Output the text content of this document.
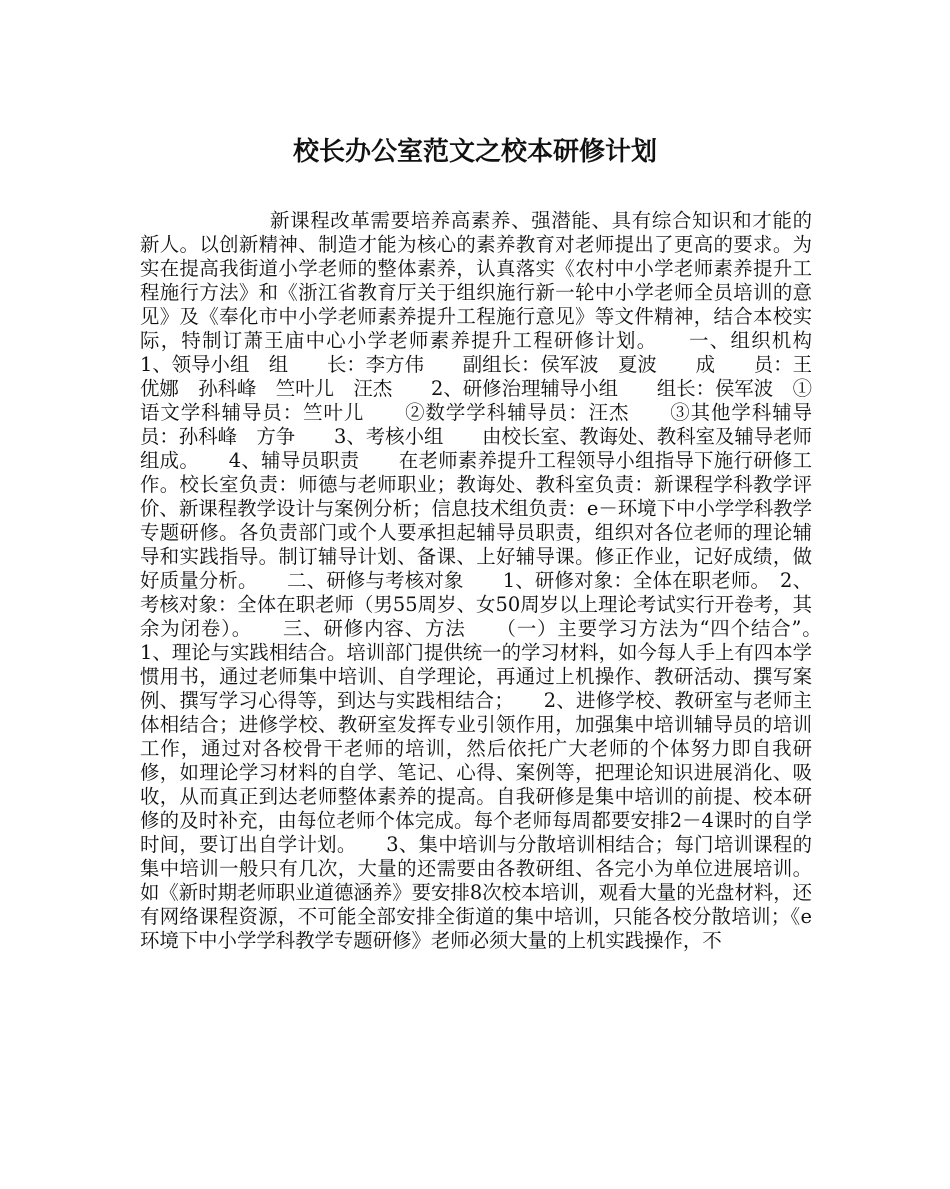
校长办公室范文之校本研修计划

新课程改革需要培养高素养、强潜能、具有综合知识和才能的新人。以创新精神、制造才能为核心的素养教育对老师提出了更高的要求。为实在提高我街道小学老师的整体素养，认真落实《农村中小学老师素养提升工程施行方法》和《浙江省教育厅关于组织施行新一轮中小学老师全员培训的意见》及《奉化市中小学老师素养提升工程施行意见》等文件精神，结合本校实际，特制订萧王庙中心小学老师素养提升工程研修计划。　　一、组织机构　　1、领导小组　组　　长：李方伟　　副组长：侯军波　夏波　　成　　员：王优娜　孙科峰　竺叶儿　汪杰　　2、研修治理辅导小组　　组长：侯军波　①语文学科辅导员：竺叶儿　　②数学学科辅导员：汪杰　　③其他学科辅导员：孙科峰　方争　　3、考核小组　　由校长室、教诲处、教科室及辅导老师组成。　　4、辅导员职责　　在老师素养提升工程领导小组指导下施行研修工作。校长室负责：师德与老师职业；教诲处、教科室负责：新课程学科教学评价、新课程教学设计与案例分析；信息技术组负责：e－环境下中小学学科教学专题研修。各负责部门或个人要承担起辅导员职责，组织对各位老师的理论辅导和实践指导。制订辅导计划、备课、上好辅导课。修正作业，记好成绩，做好质量分析。　　二、研修与考核对象　　1、研修对象：全体在职老师。　2、考核对象：全体在职老师（男55周岁、女50周岁以上理论考试实行开卷考，其余为闭卷）。　　三、研修内容、方法　　（一）主要学习方法为“四个结合”。　　1、理论与实践相结合。培训部门提供统一的学习材料，如今每人手上有四本学惯用书，通过老师集中培训、自学理论，再通过上机操作、教研活动、撰写案例、撰写学习心得等，到达与实践相结合；　　2、进修学校、教研室与老师主体相结合；进修学校、教研室发挥专业引领作用，加强集中培训辅导员的培训工作，通过对各校骨干老师的培训，然后依托广大老师的个体努力即自我研修，如理论学习材料的自学、笔记、心得、案例等，把理论知识进展消化、吸收，从而真正到达老师整体素养的提高。自我研修是集中培训的前提、校本研修的及时补充，由每位老师个体完成。每个老师每周都要安排2－4课时的自学时间，要订出自学计划。　　3、集中培训与分散培训相结合；每门培训课程的集中培训一般只有几次，大量的还需要由各教研组、各完小为单位进展培训。如《新时期老师职业道德涵养》要安排8次校本培训，观看大量的光盘材料，还有网络课程资源，不可能全部安排全街道的集中培训，只能各校分散培训；《e环境下中小学学科教学专题研修》老师必须大量的上机实践操作，不
